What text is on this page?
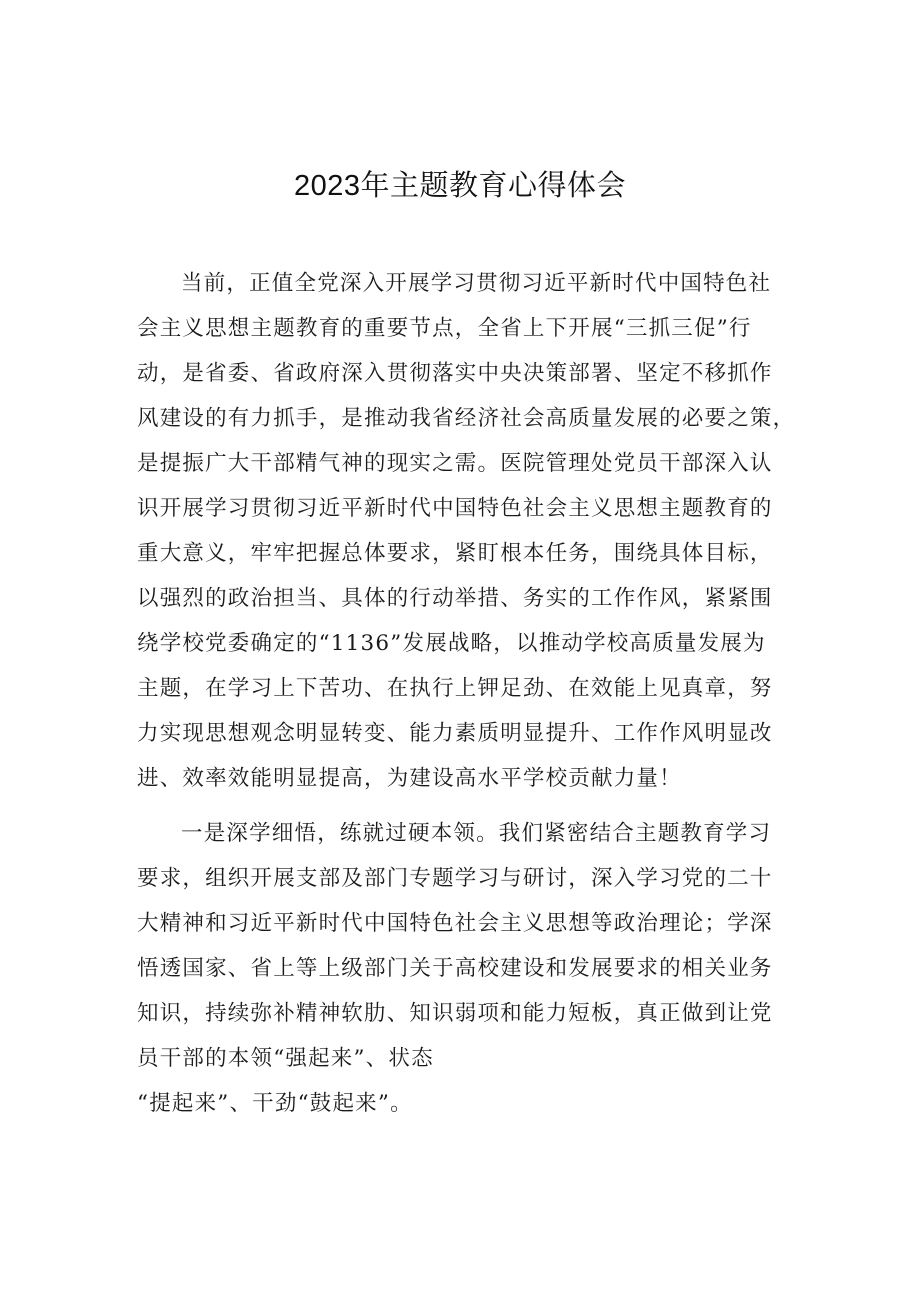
2023年主题教育心得体会
当前，正值全党深入开展学习贯彻习近平新时代中国特色社
会主义思想主题教育的重要节点，全省上下开展“三抓三促”行
动，是省委、省政府深入贯彻落实中央决策部署、坚定不移抓作
风建设的有力抓手，是推动我省经济社会高质量发展的必要之策，
是提振广大干部精气神的现实之需。医院管理处党员干部深入认
识开展学习贯彻习近平新时代中国特色社会主义思想主题教育的
重大意义，牢牢把握总体要求，紧盯根本任务，围绕具体目标，
以强烈的政治担当、具体的行动举措、务实的工作作风，紧紧围
绕学校党委确定的“1136”发展战略，以推动学校高质量发展为
主题，在学习上下苦功、在执行上钾足劲、在效能上见真章，努
力实现思想观念明显转变、能力素质明显提升、工作作风明显改
进、效率效能明显提高，为建设高水平学校贡献力量！
一是深学细悟，练就过硬本领。我们紧密结合主题教育学习
要求，组织开展支部及部门专题学习与研讨，深入学习党的二十
大精神和习近平新时代中国特色社会主义思想等政治理论；学深
悟透国家、省上等上级部门关于高校建设和发展要求的相关业务
知识，持续弥补精神软肋、知识弱项和能力短板，真正做到让党
员干部的本领“强起来”、状态
“提起来”、干劲“鼓起来”。
